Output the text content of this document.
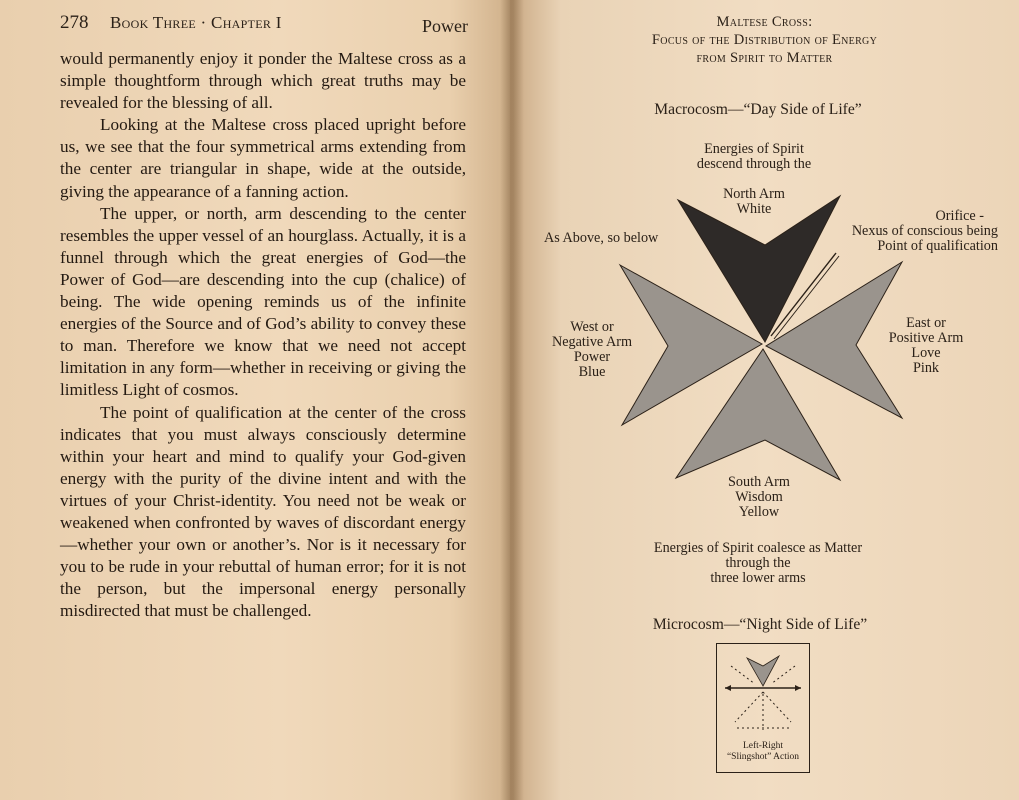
278 Book Three · Chapter I	Power

would permanently enjoy it ponder the Maltese cross as a simple thoughtform through which great truths may be revealed for the blessing of all.

Looking at the Maltese cross placed upright before us, we see that the four symmetrical arms extending from the center are triangular in shape, wide at the outside, giving the appearance of a fanning action.

The upper, or north, arm descending to the center resembles the upper vessel of an hourglass. Actually, it is a funnel through which the great energies of God—the Power of God—are descending into the cup (chalice) of being. The wide opening reminds us of the infinite energies of the Source and of God’s ability to convey these to man. Therefore we know that we need not accept limitation in any form—whether in receiving or giving the limitless Light of cosmos.

The point of qualification at the center of the cross indicates that you must always consciously determine within your heart and mind to qualify your God-given energy with the purity of the divine intent and with the virtues of your Christ-identity. You need not be weak or weakened when confronted by waves of discordant energy—whether your own or another’s. Nor is it necessary for you to be rude in your rebuttal of human error; for it is not the person, but the impersonal energy personally misdirected that must be challenged.

Maltese Cross:
Focus of the Distribution of Energy
from Spirit to Matter
Macrocosm—“Day Side of Life”
Energies of Spirit
descend through the
North Arm
White
As Above, so below
Orifice -
Nexus of conscious being
Point of qualification
West or
Negative Arm
Power
Blue
East or
Positive Arm
Love
Pink
South Arm
Wisdom
Yellow
Energies of Spirit coalesce as Matter
through the
three lower arms
Microcosm—“Night Side of Life”
Left-Right
“Slingshot” Action
